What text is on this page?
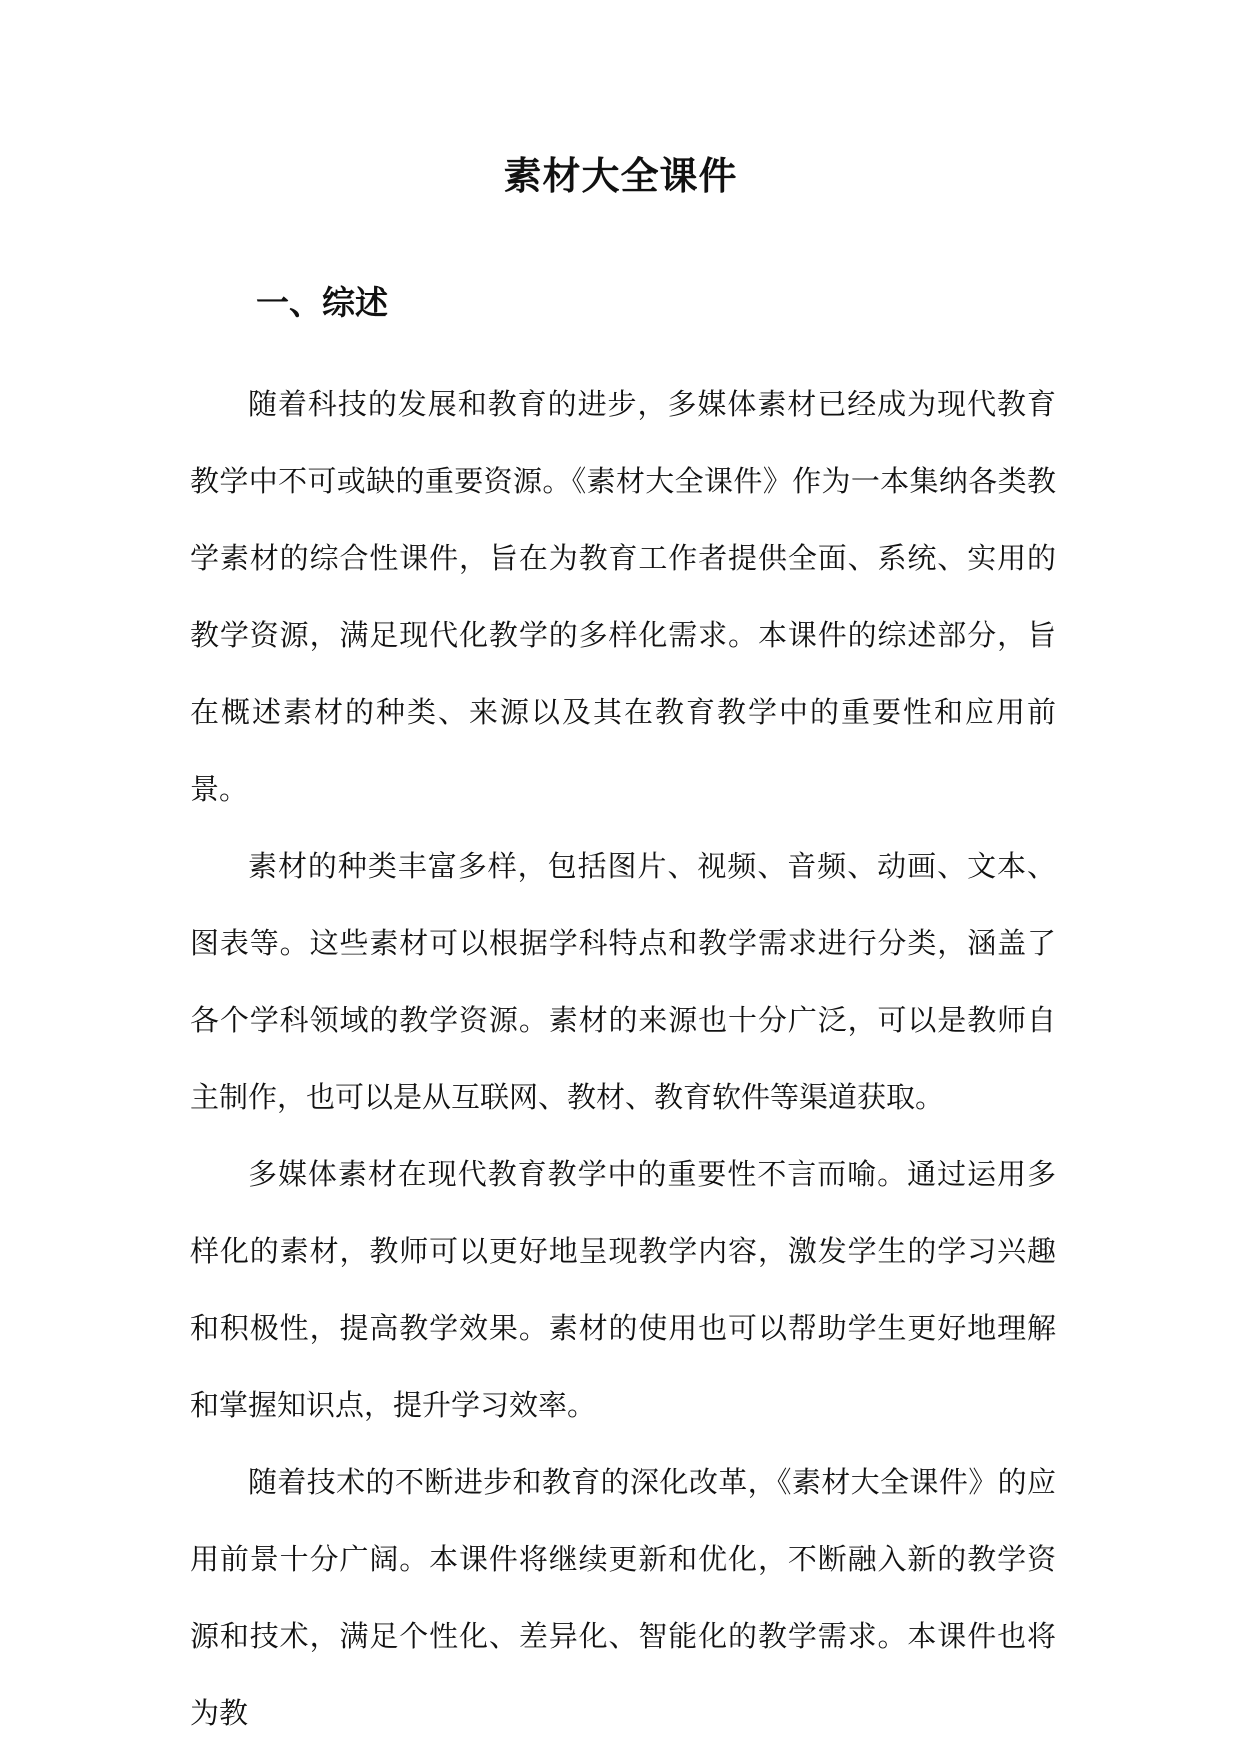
素材大全课件
一、综述

随着科技的发展和教育的进步，多媒体素材已经成为现代教育教学中不可或缺的重要资源。《素材大全课件》作为一本集纳各类教学素材的综合性课件，旨在为教育工作者提供全面、系统、实用的教学资源，满足现代化教学的多样化需求。本课件的综述部分，旨在概述素材的种类、来源以及其在教育教学中的重要性和应用前景。

素材的种类丰富多样，包括图片、视频、音频、动画、文本、图表等。这些素材可以根据学科特点和教学需求进行分类，涵盖了各个学科领域的教学资源。素材的来源也十分广泛，可以是教师自主制作，也可以是从互联网、教材、教育软件等渠道获取。

多媒体素材在现代教育教学中的重要性不言而喻。通过运用多样化的素材，教师可以更好地呈现教学内容，激发学生的学习兴趣和积极性，提高教学效果。素材的使用也可以帮助学生更好地理解和掌握知识点，提升学习效率。

随着技术的不断进步和教育的深化改革，《素材大全课件》的应用前景十分广阔。本课件将继续更新和优化，不断融入新的教学资源和技术，满足个性化、差异化、智能化的教学需求。本课件也将为教
